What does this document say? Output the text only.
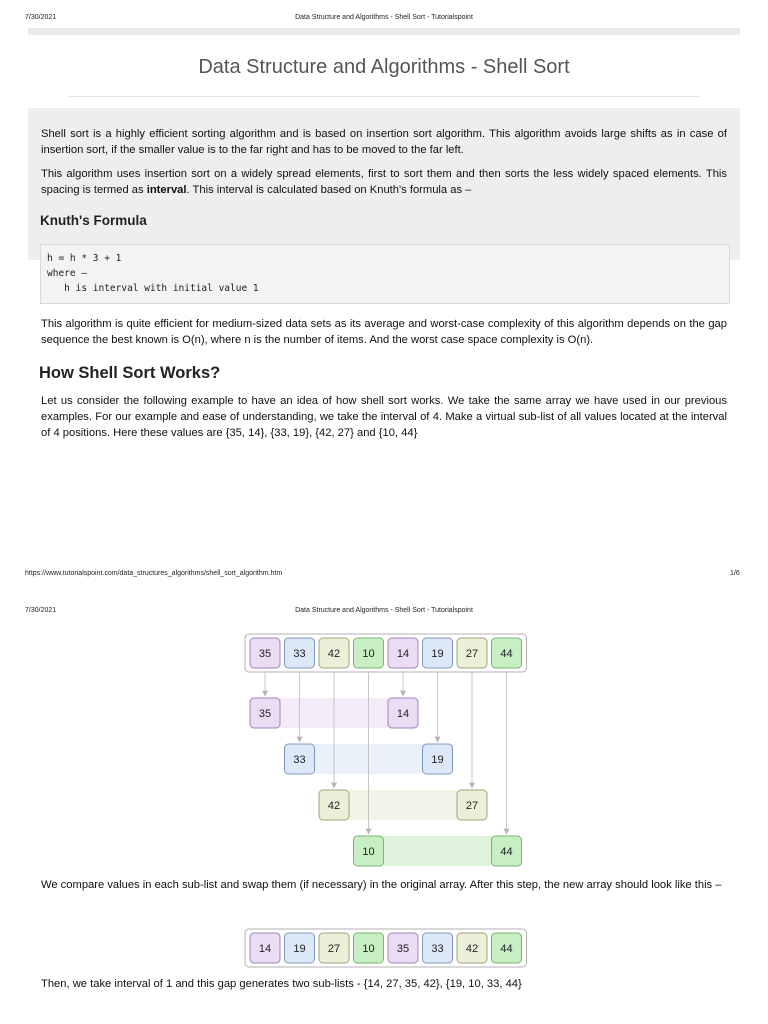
7/30/2021	Data Structure and Algorithms - Shell Sort - Tutorialspoint
Data Structure and Algorithms - Shell Sort

Shell sort is a highly efficient sorting algorithm and is based on insertion sort algorithm. This algorithm avoids large shifts as in case of insertion sort, if the smaller value is to the far right and has to be moved to the far left.

This algorithm uses insertion sort on a widely spread elements, first to sort them and then sorts the less widely spaced elements. This spacing is termed as interval. This interval is calculated based on Knuth's formula as –

Knuth's Formula
h = h * 3 + 1
where –
h is interval with initial value 1

This algorithm is quite efficient for medium-sized data sets as its average and worst-case complexity of this algorithm depends on the gap sequence the best known is Ο(n), where n is the number of items. And the worst case space complexity is O(n).

How Shell Sort Works?

Let us consider the following example to have an idea of how shell sort works. We take the same array we have used in our previous examples. For our example and ease of understanding, we take the interval of 4. Make a virtual sub-list of all values located at the interval of 4 positions. Here these values are {35, 14}, {33, 19}, {42, 27} and {10, 44}

https://www.tutorialspoint.com/data_structures_algorithms/shell_sort_algorithm.htm	1/6
7/30/2021	Data Structure and Algorithms - Shell Sort - Tutorialspoint
35 33 42 10 14 19 27 44
35	14
33	19
42	27
10	44

We compare values in each sub-list and swap them (if necessary) in the original array. After this step, the new array should look like this –

14 19 27 10 35 33 42 44

Then, we take interval of 1 and this gap generates two sub-lists - {14, 27, 35, 42}, {19, 10, 33, 44}
